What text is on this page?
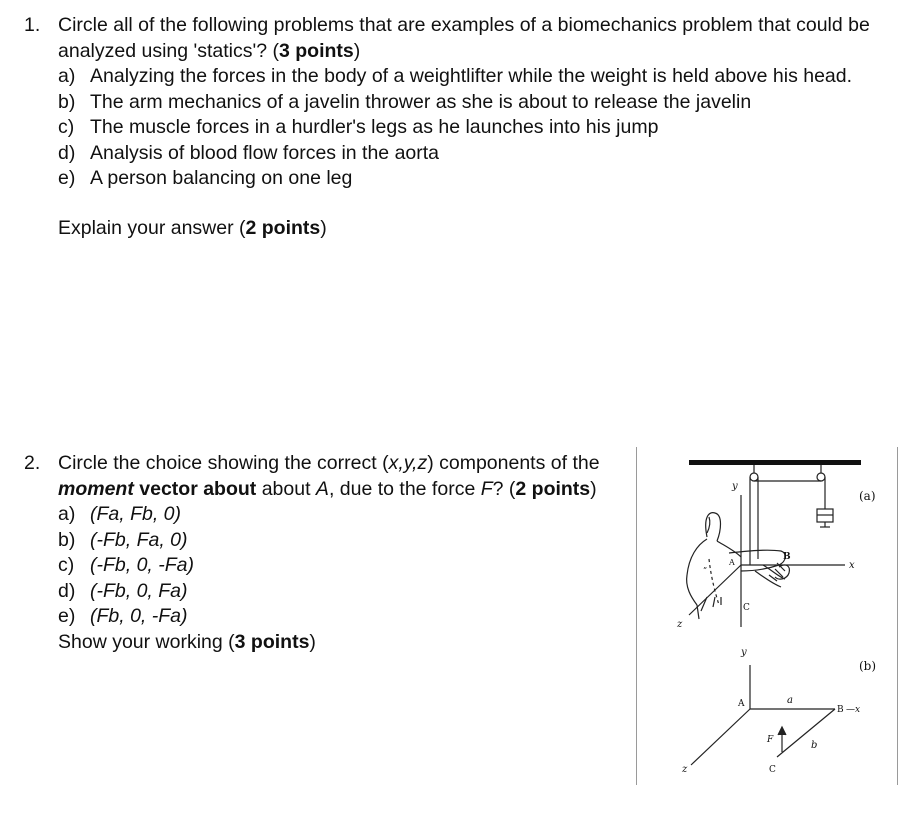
1. Circle all of the following problems that are examples of a biomechanics problem that could be analyzed using 'statics'? (3 points)
a) Analyzing the forces in the body of a weightlifter while the weight is held above his head.
b) The arm mechanics of a javelin thrower as she is about to release the javelin
c) The muscle forces in a hurdler's legs as he launches into his jump
d) Analysis of blood flow forces in the aorta
e) A person balancing on one leg
Explain your answer (2 points)
2. Circle the choice showing the correct (x,y,z) components of the moment vector about about A, due to the force F? (2 points)
a) (Fa, Fb, 0)
b) (-Fb, Fa, 0)
c) (-Fb, 0, -Fa)
d) (-Fb, 0, Fa)
e) (Fb, 0, -Fa)
Show your working (3 points)
(a)
y
z
A
B
C
x
”
(b)
y
A	a
B —x
F	b
C
z
